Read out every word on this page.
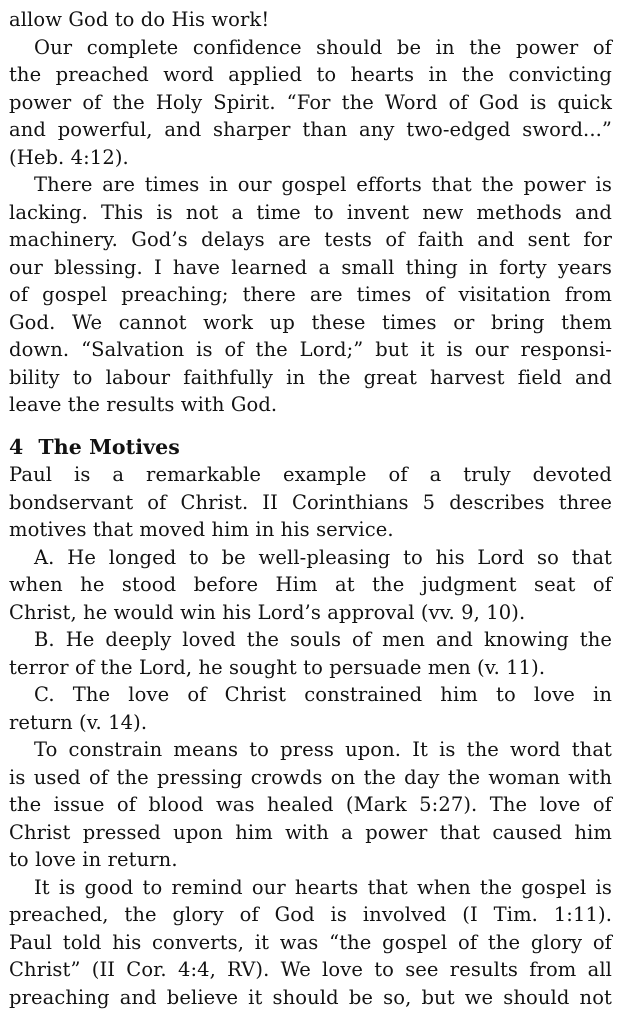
allow God to do His work!
Our complete confidence should be in the power of
the preached word applied to hearts in the convicting
power of the Holy Spirit. “For the Word of God is quick
and powerful, and sharper than any two-edged sword...”
(Heb. 4:12).
There are times in our gospel efforts that the power is
lacking. This is not a time to invent new methods and
machinery. God’s delays are tests of faith and sent for
our blessing. I have learned a small thing in forty years
of gospel preaching; there are times of visitation from
God. We cannot work up these times or bring them
down. “Salvation is of the Lord;” but it is our responsi-
bility to labour faithfully in the great harvest field and
leave the results with God.
4 The Motives
Paul is a remarkable example of a truly devoted
bondservant of Christ. II Corinthians 5 describes three
motives that moved him in his service.
A. He longed to be well-pleasing to his Lord so that
when he stood before Him at the judgment seat of
Christ, he would win his Lord’s approval (vv. 9, 10).
B. He deeply loved the souls of men and knowing the
terror of the Lord, he sought to persuade men (v. 11).
C. The love of Christ constrained him to love in
return (v. 14).
To constrain means to press upon. It is the word that
is used of the pressing crowds on the day the woman with
the issue of blood was healed (Mark 5:27). The love of
Christ pressed upon him with a power that caused him
to love in return.
It is good to remind our hearts that when the gospel is
preached, the glory of God is involved (I Tim. 1:11).
Paul told his converts, it was “the gospel of the glory of
Christ” (II Cor. 4:4, RV). We love to see results from all
preaching and believe it should be so, but we should not
